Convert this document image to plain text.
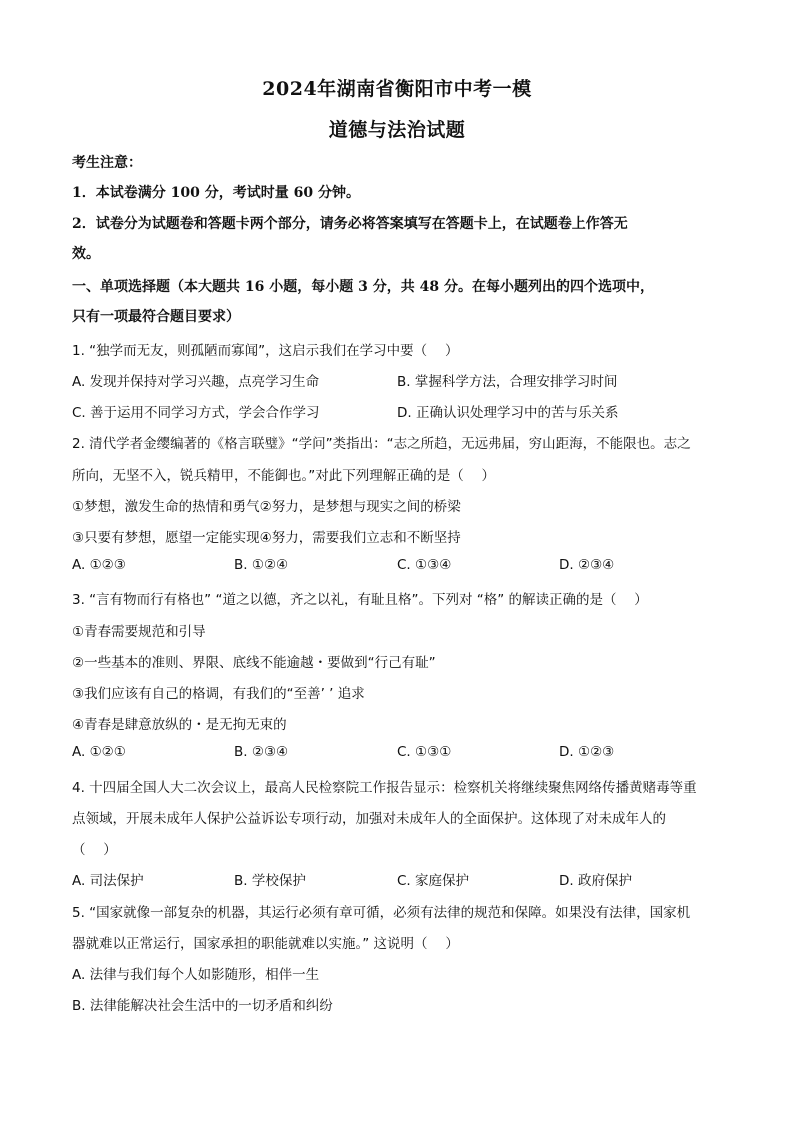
2024年湖南省衡阳市中考一模
道德与法治试题
考生注意：
1．本试卷满分 100 分，考试时量 60 分钟。
2．试卷分为试题卷和答题卡两个部分，请务必将答案填写在答题卡上，在试题卷上作答无
效。
一、单项选择题（本大题共 16 小题，每小题 3 分，共 48 分。在每小题列出的四个选项中，
只有一项最符合题目要求）
1. “独学而无友，则孤陋而寡闻”，这启示我们在学习中要（　 ）
A. 发现并保持对学习兴趣，点亮学习生命	B. 掌握科学方法，合理安排学习时间
C. 善于运用不同学习方式，学会合作学习	D. 正确认识处理学习中的苦与乐关系
2. 清代学者金缨编著的《格言联璧》“学问”类指出：“志之所趋，无远弗届，穷山距海，不能限也。志之
所向，无坚不入，锐兵精甲，不能御也。”对此下列理解正确的是（　 ）
①梦想，激发生命的热情和勇气②努力，是梦想与现实之间的桥梁
③只要有梦想，愿望一定能实现④努力，需要我们立志和不断坚持
A. ①②③	B. ①②④	C. ①③④	D. ②③④
3. “言有物而行有格也” “道之以德，齐之以礼，有耻且格”。下列对 “格” 的解读正确的是（　 ）
①青春需要规范和引导
②一些基本的准则、界限、底线不能逾越・要做到“行己有耻”
③我们应该有自己的格调，有我们的“至善’ ’ 追求
④青春是肆意放纵的・是无拘无束的
A. ①②①	B. ②③④	C. ①③①	D. ①②③
4. 十四届全国人大二次会议上，最高人民检察院工作报告显示：检察机关将继续聚焦网络传播黄赌毒等重
点领域，开展未成年人保护公益诉讼专项行动，加强对未成年人的全面保护。这体现了对未成年人的
（　 ）
A. 司法保护	B. 学校保护	C. 家庭保护	D. 政府保护
5. “国家就像一部复杂的机器，其运行必须有章可循，必须有法律的规范和保障。如果没有法律，国家机
器就难以正常运行，国家承担的职能就难以实施。” 这说明（　 ）
A. 法律与我们每个人如影随形，相伴一生
B. 法律能解决社会生活中的一切矛盾和纠纷
